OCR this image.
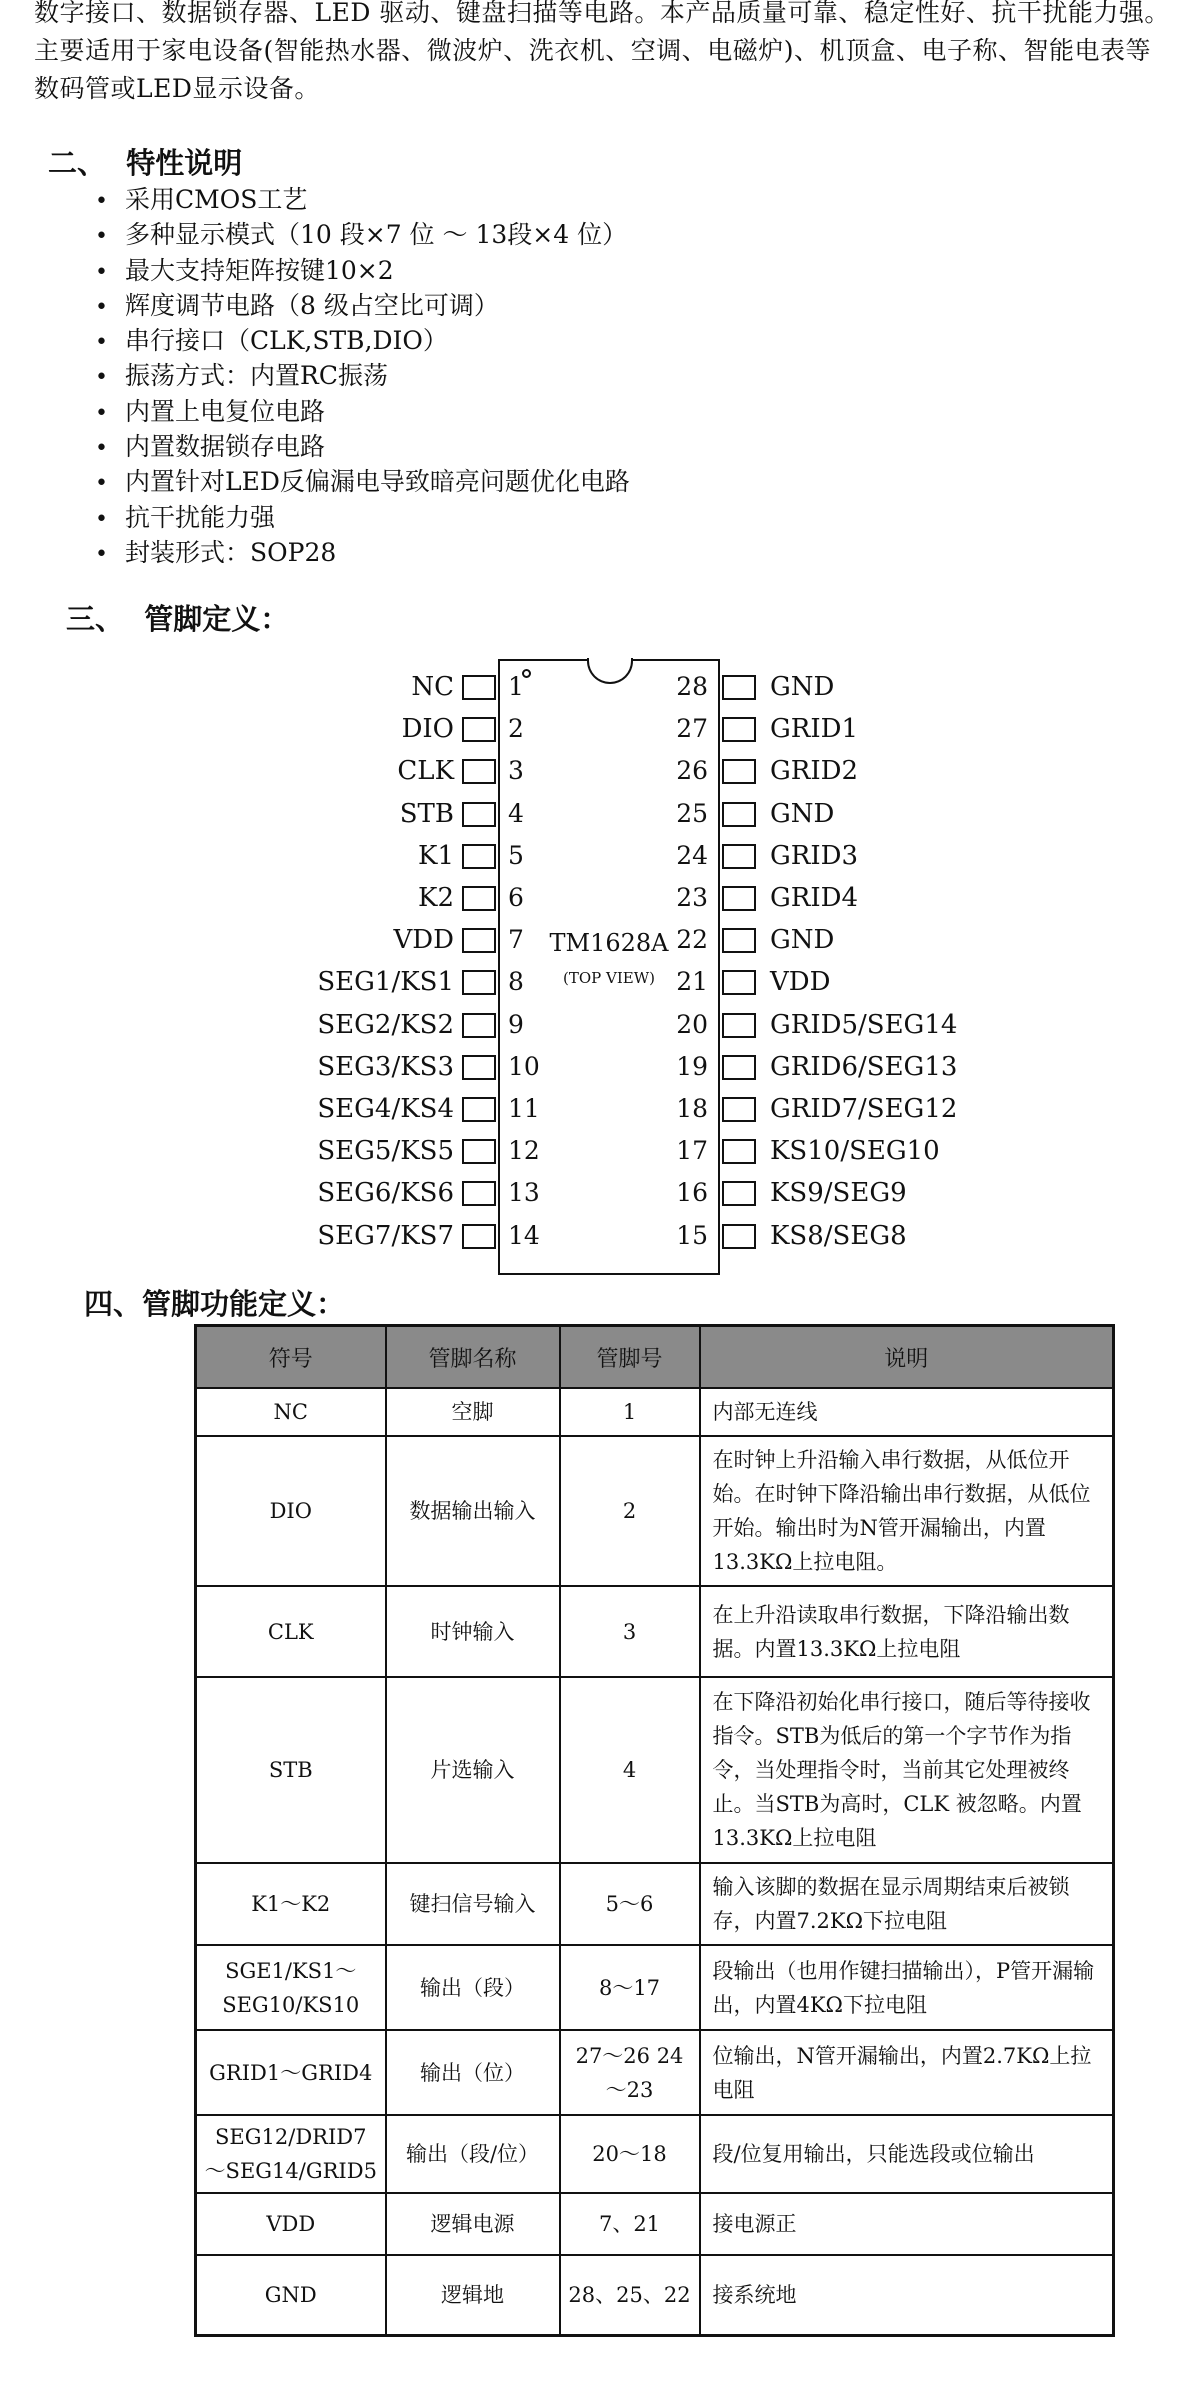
数字接口、数据锁存器、LED 驱动、键盘扫描等电路。本产品质量可靠、稳定性好、抗干扰能力强。主要适用于家电设备(智能热水器、微波炉、洗衣机、空调、电磁炉)、机顶盒、电子称、智能电表等数码管或LED显示设备。
二、  特性说明
• 采用CMOS工艺
• 多种显示模式（10 段×7 位 ～ 13段×4 位）
• 最大支持矩阵按键10×2
• 辉度调节电路（8 级占空比可调）
• 串行接口（CLK,STB,DIO）
• 振荡方式：内置RC振荡
• 内置上电复位电路
• 内置数据锁存电路
• 内置针对LED反偏漏电导致暗亮问题优化电路
• 抗干扰能力强
• 封装形式：SOP28
三、  管脚定义：
TM1628A
(TOP VIEW)
NC 1
DIO 2
CLK 3
STB 4
K1 5
K2 6
VDD 7
SEG1/KS1 8
SEG2/KS2 9
SEG3/KS3 10
SEG4/KS4 11
SEG5/KS5 12
SEG6/KS6 13
SEG7/KS7 14
GND
28
GRID1
27
GRID2
26
GND
25
GRID3
24
GRID4
23
GND
22
VDD
21
GRID5/SEG14
20
GRID6/SEG13
19
GRID7/SEG12
18
KS10/SEG10
17
KS9/SEG9
16
KS8/SEG8
15
四、管脚功能定义：
符号	管脚名称	管脚号	说明
NC	空脚	1	内部无连线
DIO	数据输出输入	2	在时钟上升沿输入串行数据，从低位开始。在时钟下降沿输出串行数据，从低位开始。输出时为N管开漏输出，内置13.3KΩ上拉电阻。
CLK	时钟输入	3	在上升沿读取串行数据，下降沿输出数据。内置13.3KΩ上拉电阻
STB	片选输入	4	在下降沿初始化串行接口，随后等待接收指令。STB为低后的第一个字节作为指令，当处理指令时，当前其它处理被终止。当STB为高时，CLK 被忽略。内置13.3KΩ上拉电阻
K1～K2	键扫信号输入	5～6	输入该脚的数据在显示周期结束后被锁存，内置7.2KΩ下拉电阻
SGE1/KS1～SEG10/KS10	输出（段）	8～17	段输出（也用作键扫描输出），P管开漏输出，内置4KΩ下拉电阻
GRID1～GRID4	输出（位）	27～26 24～23	位输出，N管开漏输出，内置2.7KΩ上拉电阻
SEG12/DRID7 ～SEG14/GRID5	输出（段/位）	20～18	段/位复用输出，只能选段或位输出
VDD	逻辑电源	7、21	接电源正
GND	逻辑地	28、25、22	接系统地
